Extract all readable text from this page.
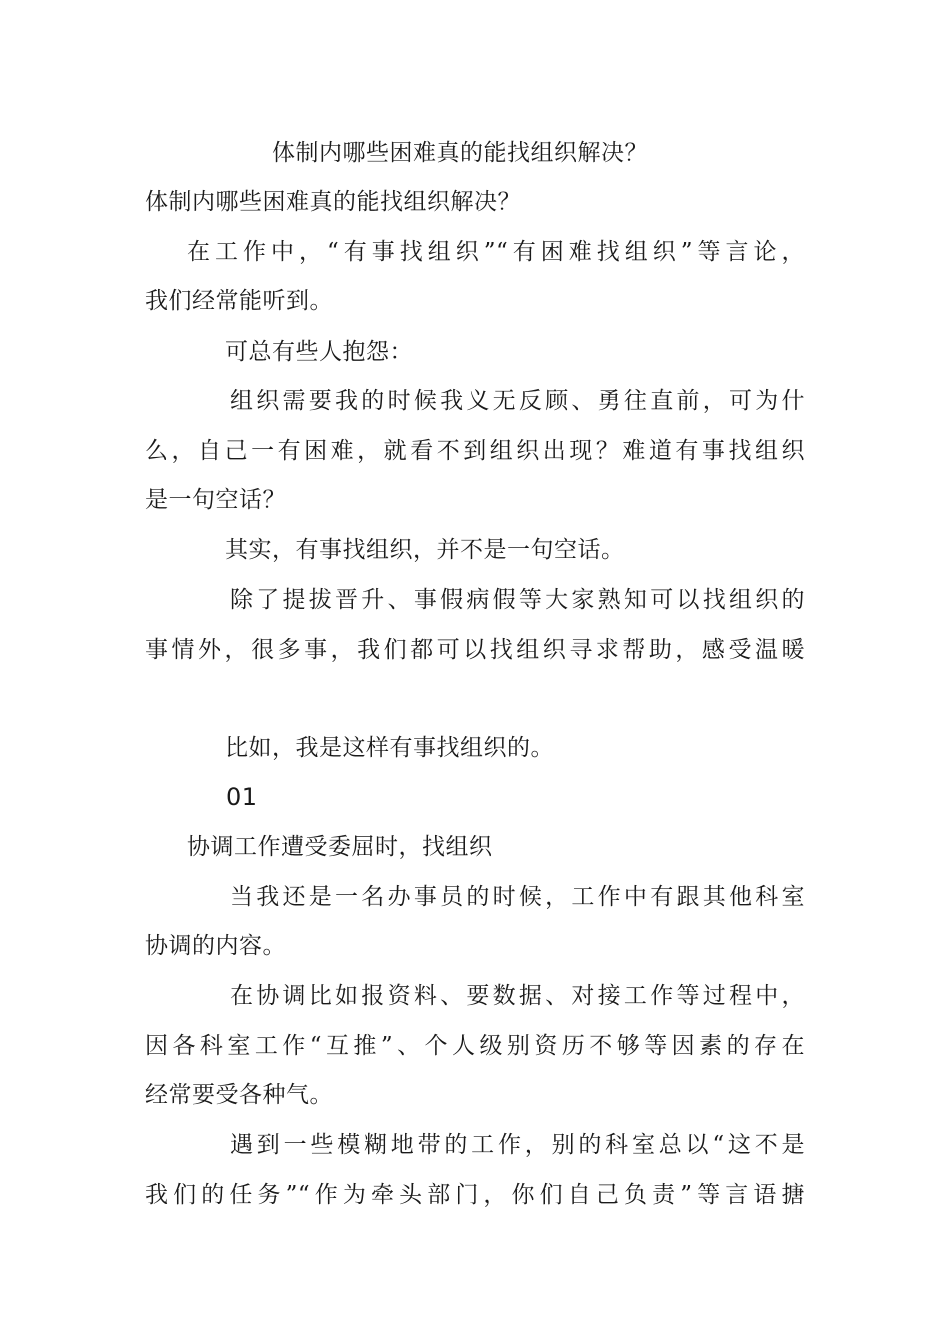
体制内哪些困难真的能找组织解决？
体制内哪些困难真的能找组织解决？
在工作中，“有事找组织”“有困难找组织”等言论，
我们经常能听到。
可总有些人抱怨：
组织需要我的时候我义无反顾、勇往直前，可为什
么，自己一有困难，就看不到组织出现？难道有事找组织
是一句空话？
其实，有事找组织，并不是一句空话。
除了提拔晋升、事假病假等大家熟知可以找组织的
事情外，很多事，我们都可以找组织寻求帮助，感受温暖
比如，我是这样有事找组织的。
01
协调工作遭受委屈时，找组织
当我还是一名办事员的时候，工作中有跟其他科室
协调的内容。
在协调比如报资料、要数据、对接工作等过程中，
因各科室工作“互推”、个人级别资历不够等因素的存在
经常要受各种气。
遇到一些模糊地带的工作，别的科室总以“这不是
我们的任务”“作为牵头部门，你们自己负责”等言语搪
